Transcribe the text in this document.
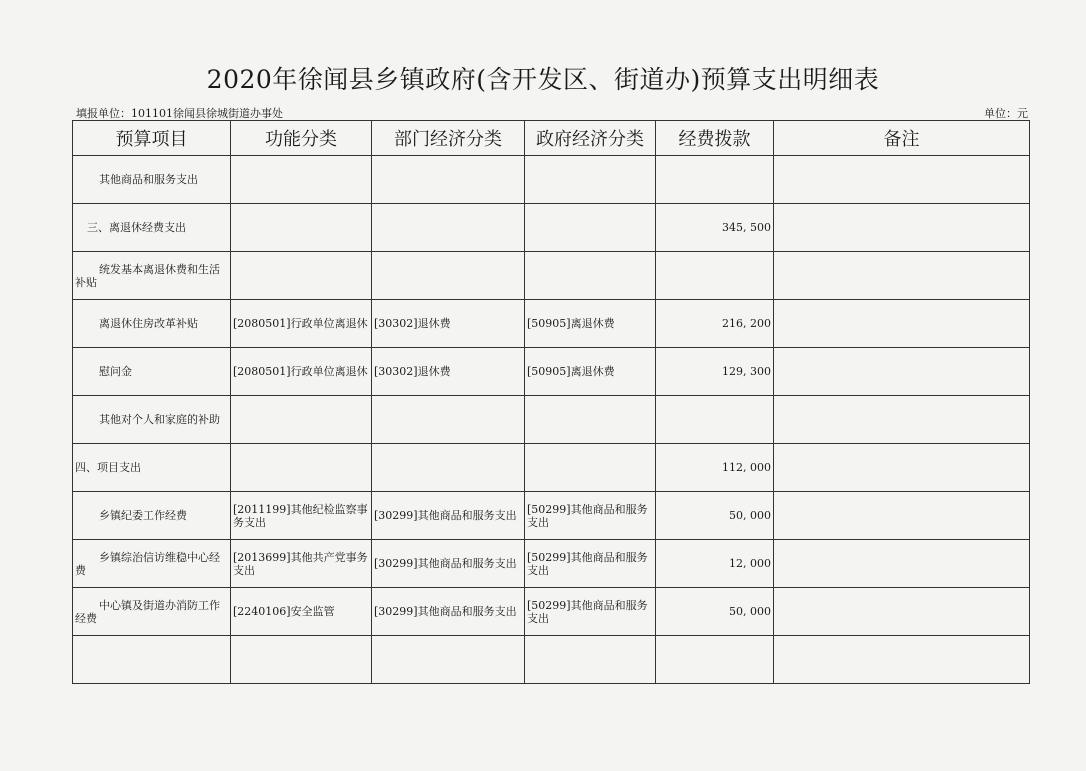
2020年徐闻县乡镇政府(含开发区、街道办)预算支出明细表
填报单位：101101徐闻县徐城街道办事处	单位：元
预算项目	功能分类	部门经济分类	政府经济分类	经费拨款	备注
其他商品和服务支出					
三、离退休经费支出				345, 500	
统发基本离退休费和生活补贴					
离退休住房改革补贴	[2080501]行政单位离退休	[30302]退休费	[50905]离退休费	216, 200	
慰问金	[2080501]行政单位离退休	[30302]退休费	[50905]离退休费	129, 300	
其他对个人和家庭的补助					
四、项目支出				112, 000	
乡镇纪委工作经费	[2011199]其他纪检监察事务支出	[30299]其他商品和服务支出	[50299]其他商品和服务支出	50, 000	
乡镇综治信访维稳中心经费	[2013699]其他共产党事务支出	[30299]其他商品和服务支出	[50299]其他商品和服务支出	12, 000	
中心镇及街道办消防工作经费	[2240106]安全监管	[30299]其他商品和服务支出	[50299]其他商品和服务支出	50, 000	
